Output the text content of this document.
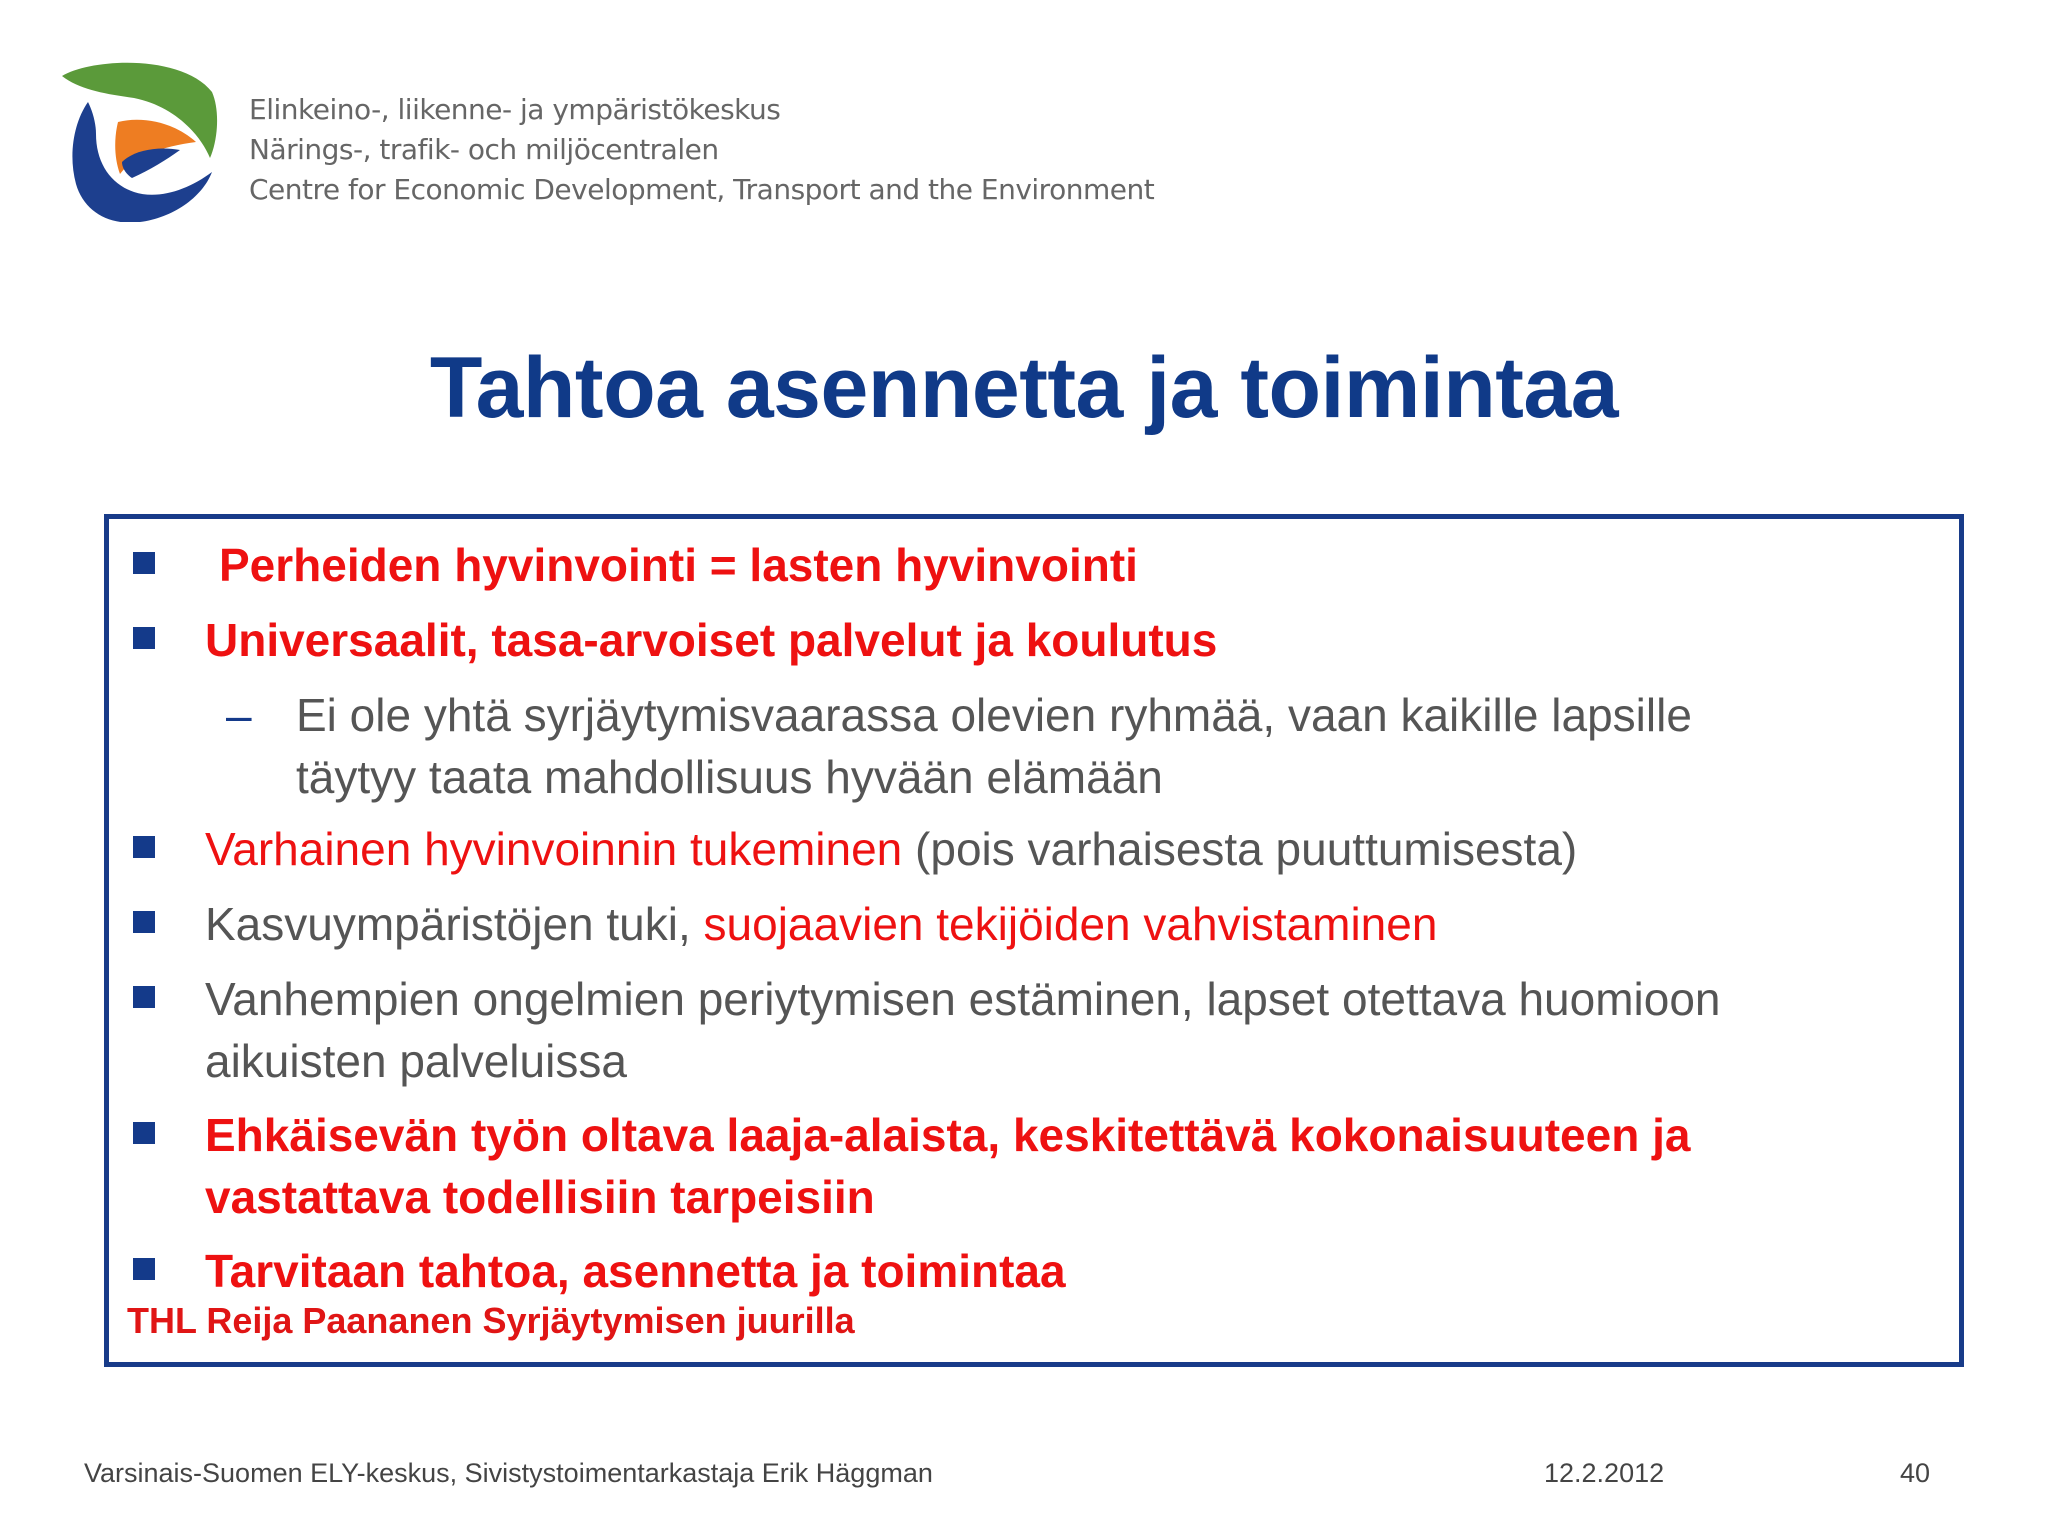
Elinkeino-, liikenne- ja ympäristökeskus
Närings-, trafik- och miljöcentralen
Centre for Economic Development, Transport and the Environment
Tahtoa asennetta ja toimintaa
Perheiden hyvinvointi = lasten hyvinvointi
Universaalit, tasa-arvoiset palvelut ja koulutus
– Ei ole yhtä syrjäytymisvaarassa olevien ryhmää, vaan kaikille lapsille
täytyy taata mahdollisuus hyvään elämään
Varhainen hyvinvoinnin tukeminen (pois varhaisesta puuttumisesta)
Kasvuympäristöjen tuki, suojaavien tekijöiden vahvistaminen
Vanhempien ongelmien periytymisen estäminen, lapset otettava huomioon
aikuisten palveluissa
Ehkäisevän työn oltava laaja-alaista, keskitettävä kokonaisuuteen ja
vastattava todellisiin tarpeisiin
Tarvitaan tahtoa, asennetta ja toimintaa
THL Reija Paananen Syrjäytymisen juurilla
Varsinais-Suomen ELY-keskus, Sivistystoimentarkastaja Erik Häggman	12.2.2012	40
